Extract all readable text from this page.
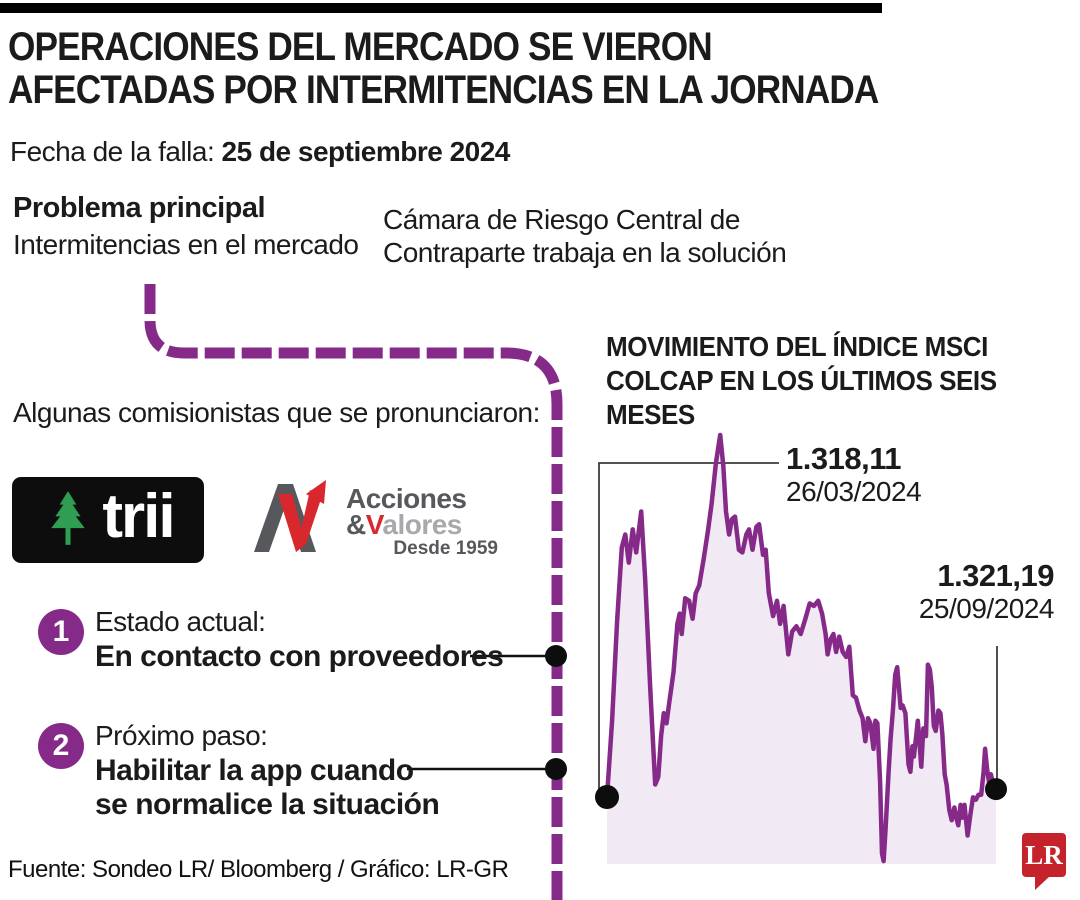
OPERACIONES DEL MERCADO SE VIERON
AFECTADAS POR INTERMITENCIAS EN LA JORNADA
Fecha de la falla: 25 de septiembre 2024
Problema principal
Intermitencias en el mercado
Cámara de Riesgo Central de
Contraparte trabaja en la solución
Algunas comisionistas que se pronunciaron:
trii	Acciones
&Valores
Desde 1959
1 Estado actual:
En contacto con proveedores
2 Próximo paso:
Habilitar la app cuando
se normalice la situación
MOVIMIENTO DEL ÍNDICE MSCI
COLCAP EN LOS ÚLTIMOS SEIS MESES
1.318,11
26/03/2024
1.321,19
25/09/2024
Fuente: Sondeo LR/ Bloomberg / Gráfico: LR-GR	LR
